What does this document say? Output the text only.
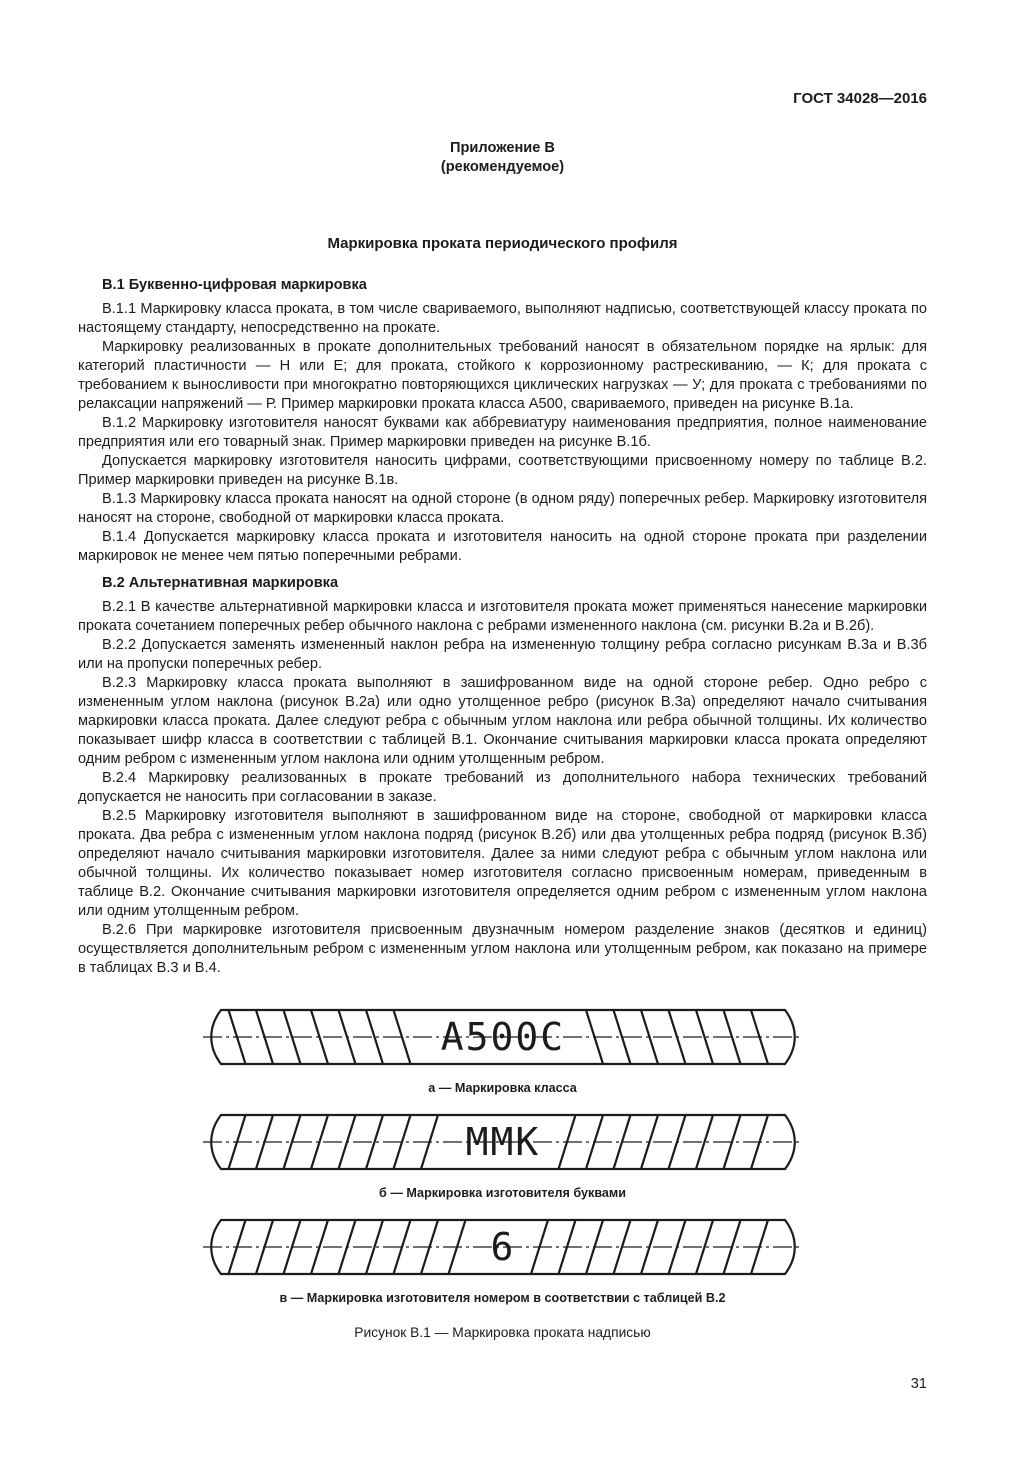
ГОСТ 34028—2016
Приложение В
(рекомендуемое)
Маркировка проката периодического профиля
В.1 Буквенно-цифровая маркировка

В.1.1 Маркировку класса проката, в том числе свариваемого, выполняют надписью, соответствующей классу проката по настоящему стандарту, непосредственно на прокате.

Маркировку реализованных в прокате дополнительных требований наносят в обязательном порядке на ярлык: для категорий пластичности — Н или Е; для проката, стойкого к коррозионному растрескиванию, — К; для проката с требованием к выносливости при многократно повторяющихся циклических нагрузках — У; для проката с требованиями по релаксации напряжений — Р. Пример маркировки проката класса А500, свариваемого, приведен на рисунке В.1а.

В.1.2 Маркировку изготовителя наносят буквами как аббревиатуру наименования предприятия, полное наименование предприятия или его товарный знак. Пример маркировки приведен на рисунке В.1б.

Допускается маркировку изготовителя наносить цифрами, соответствующими присвоенному номеру по таблице В.2. Пример маркировки приведен на рисунке В.1в.

В.1.3 Маркировку класса проката наносят на одной стороне (в одном ряду) поперечных ребер. Маркировку изготовителя наносят на стороне, свободной от маркировки класса проката.

В.1.4 Допускается маркировку класса проката и изготовителя наносить на одной стороне проката при разделении маркировок не менее чем пятью поперечными ребрами.

В.2 Альтернативная маркировка

В.2.1 В качестве альтернативной маркировки класса и изготовителя проката может применяться нанесение маркировки проката сочетанием поперечных ребер обычного наклона с ребрами измененного наклона (см. рисунки В.2а и В.2б).

В.2.2 Допускается заменять измененный наклон ребра на измененную толщину ребра согласно рисункам В.3а и В.3б или на пропуски поперечных ребер.

В.2.3 Маркировку класса проката выполняют в зашифрованном виде на одной стороне ребер. Одно ребро с измененным углом наклона (рисунок В.2а) или одно утолщенное ребро (рисунок В.3а) определяют начало считывания маркировки класса проката. Далее следуют ребра с обычным углом наклона или ребра обычной толщины. Их количество показывает шифр класса в соответствии с таблицей В.1. Окончание считывания маркировки класса проката определяют одним ребром с измененным углом наклона или одним утолщенным ребром.

В.2.4 Маркировку реализованных в прокате требований из дополнительного набора технических требований допускается не наносить при согласовании в заказе.

В.2.5 Маркировку изготовителя выполняют в зашифрованном виде на стороне, свободной от маркировки класса проката. Два ребра с измененным углом наклона подряд (рисунок В.2б) или два утолщенных ребра подряд (рисунок В.3б) определяют начало считывания маркировки изготовителя. Далее за ними следуют ребра с обычным углом наклона или обычной толщины. Их количество показывает номер изготовителя согласно присвоенным номерам, приведенным в таблице В.2. Окончание считывания маркировки изготовителя определяется одним ребром с измененным углом наклона или одним утолщенным ребром.

В.2.6 При маркировке изготовителя присвоенным двузначным номером разделение знаков (десятков и единиц) осуществляется дополнительным ребром с измененным углом наклона или утолщенным ребром, как показано на примере в таблицах В.3 и В.4.

А500С
а — Маркировка класса
ММК
б — Маркировка изготовителя буквами
6
в — Маркировка изготовителя номером в соответствии с таблицей В.2
Рисунок В.1 — Маркировка проката надписью
31
